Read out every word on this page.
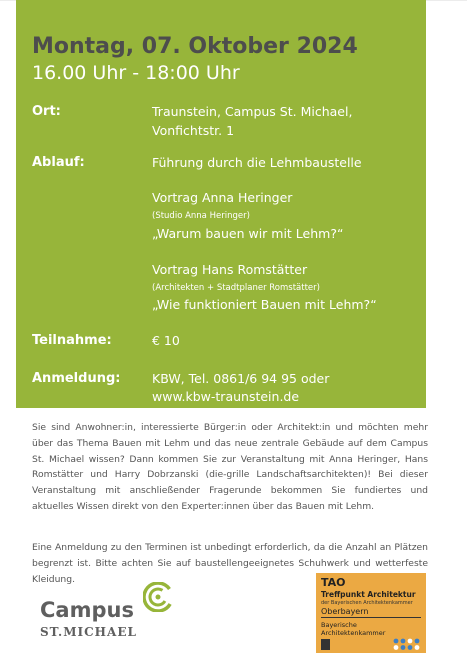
Montag, 07. Oktober 2024
16.00 Uhr - 18:00 Uhr
Ort:	Traunstein, Campus St. Michael,
Vonfichtstr. 1
Ablauf:	Führung durch die Lehmbaustelle
Vortrag Anna Heringer
(Studio Anna Heringer)
„Warum bauen wir mit Lehm?“
Vortrag Hans Romstätter
(Architekten + Stadtplaner Romstätter)
„Wie funktioniert Bauen mit Lehm?“
Teilnahme:	€ 10
Anmeldung:	KBW, Tel. 0861/6 94 95 oder
www.kbw-traunstein.de

Sie sind Anwohner:in, interessierte Bürger:in oder Architekt:in und möchten mehr über das Thema Bauen mit Lehm und das neue zentrale Gebäude auf dem Campus St. Michael wissen? Dann kommen Sie zur Veranstaltung mit Anna Heringer, Hans Romstätter und Harry Dobrzanski (die-grille Landschaftsarchitekten)! Bei dieser Veranstaltung mit anschließender Fragerunde bekommen Sie fundiertes und aktuelles Wissen direkt von den Experter:innen über das Bauen mit Lehm.

Eine Anmeldung zu den Terminen ist unbedingt erforderlich, da die Anzahl an Plätzen begrenzt ist. Bitte achten Sie auf baustellengeeignetes Schuhwerk und wetterfeste Kleidung.

Campus
ST.MICHAEL
TAO
Treffpunkt Architektur
der Bayerischen Architektenkammer
Oberbayern
Bayerische
Architektenkammer
